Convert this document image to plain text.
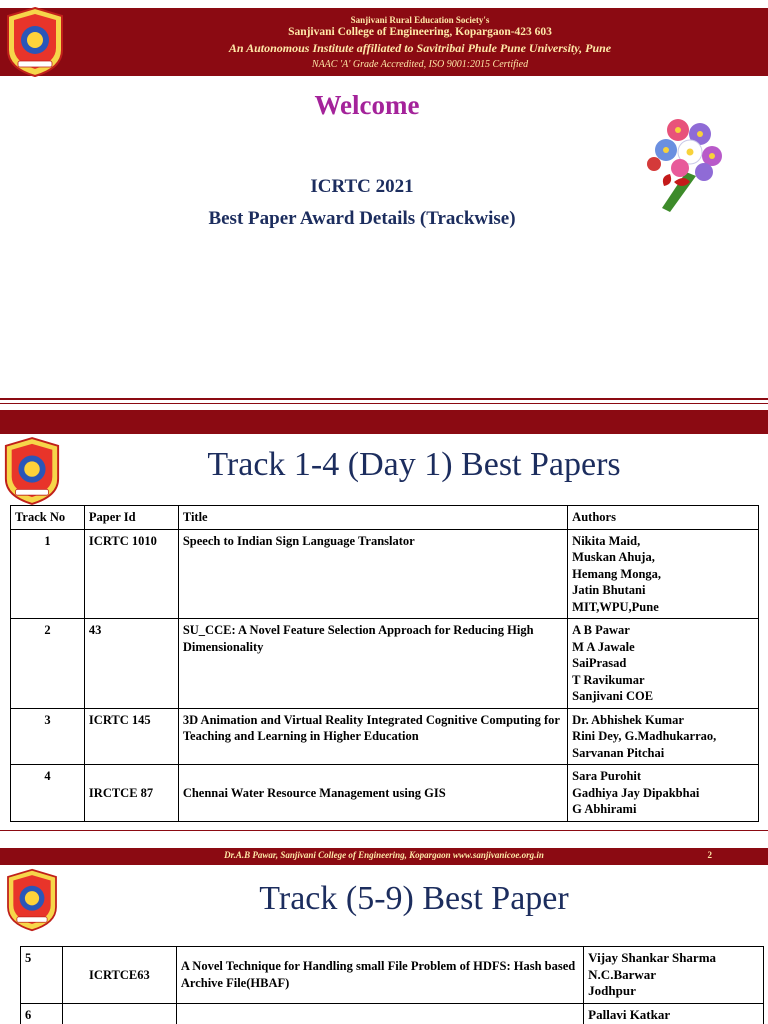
Sanjivani Rural Education Society's
Sanjivani College of Engineering, Kopargaon-423 603
An Autonomous Institute affiliated to Savitribai Phule Pune University, Pune
NAAC 'A' Grade Accredited, ISO 9001:2015 Certified
Welcome
ICRTC 2021
Best Paper Award Details (Trackwise)
Track 1-4 (Day 1) Best Papers
Track No	Paper Id	Title	Authors
1	ICRTC 1010	Speech to Indian Sign Language Translator	Nikita Maid,
Muskan Ahuja,
Hemang Monga,
Jatin Bhutani
MIT,WPU,Pune
2	43	SU_CCE: A Novel Feature Selection Approach for Reducing High Dimensionality	A B Pawar
M A Jawale
SaiPrasad
T Ravikumar
Sanjivani COE
3	ICRTC 145	3D Animation and Virtual Reality Integrated Cognitive Computing for Teaching and Learning in Higher Education	Dr. Abhishek Kumar
Rini Dey, G.Madhukarrao,
Sarvanan Pitchai
4	IRCTCE 87	Chennai Water Resource Management using GIS	Sara Purohit
Gadhiya Jay Dipakbhai
G Abhirami
Dr.A.B Pawar, Sanjivani College of Engineering, Kopargaon www.sanjivanicoe.org.in	2
Track (5-9) Best Paper
5	ICRTCE63	A Novel Technique for Handling small File Problem of HDFS: Hash based Archive File(HBAF)	Vijay Shankar Sharma
N.C.Barwar
Jodhpur
6			Pallavi Katkar
